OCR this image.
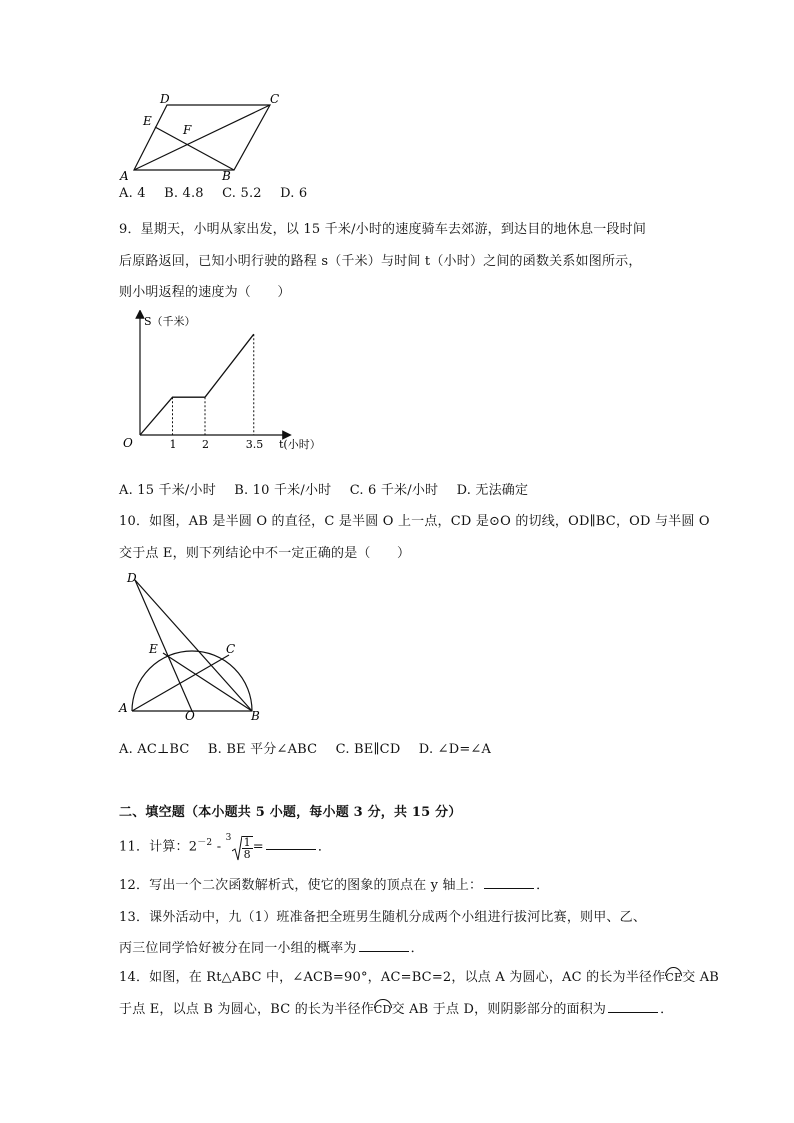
A	B
C
D
E
F
A. 4 B. 4.8 C. 5.2 D. 6
9．星期天，小明从家出发，以 15 千米/小时的速度骑车去郊游，到达目的地休息一段时间
后原路返回，已知小明行驶的路程 s（千米）与时间 t（小时）之间的函数关系如图所示，
则小明返程的速度为（　　）
S（千米）
t(小时）
O	1 2	3.5
A. 15 千米/小时 B. 10 千米/小时 C. 6 千米/小时 D. 无法确定
10．如图，AB 是半圆 O 的直径，C 是半圆 O 上一点，CD 是⊙O 的切线，OD∥BC，OD 与半圆 O
交于点 E，则下列结论中不一定正确的是（　　）
D
E	C
A
O	B
A. AC⊥BC B. BE 平分∠ABC C. BE∥CD D. ∠D=∠A
二、填空题（本小题共 5 小题，每小题 3 分，共 15 分）
11．计算：$2^{-2} - ^3 \frac{1}{8}$ =	．
12．写出一个二次函数解析式，使它的图象的顶点在 y 轴上：	．
13．课外活动中，九（1）班准备把全班男生随机分成两个小组进行拔河比赛，则甲、乙、
丙三位同学恰好被分在同一小组的概率为	．
14．如图，在 Rt△ABC 中，∠ACB=90°，AC=BC=2，以点 A 为圆心，AC 的长为半径作CE交 AB
于点 E，以点 B 为圆心，BC 的长为半径作CD交 AB 于点 D，则阴影部分的面积为	．
